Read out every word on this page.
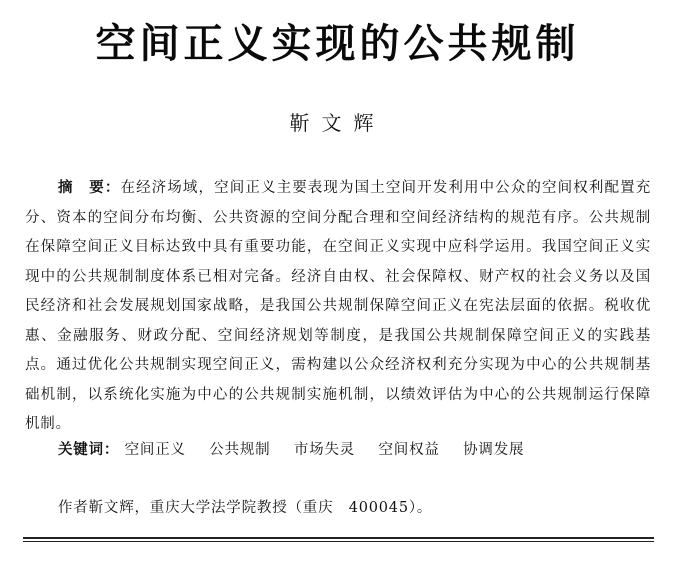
空间正义实现的公共规制
靳文辉
摘　要：在经济场域，空间正义主要表现为国土空间开发利用中公众的空间权利配置充分、资本的空间分布均衡、公共资源的空间分配合理和空间经济结构的规范有序。公共规制在保障空间正义目标达致中具有重要功能，在空间正义实现中应科学运用。我国空间正义实现中的公共规制制度体系已相对完备。经济自由权、社会保障权、财产权的社会义务以及国民经济和社会发展规划国家战略，是我国公共规制保障空间正义在宪法层面的依据。税收优惠、金融服务、财政分配、空间经济规划等制度，是我国公共规制保障空间正义的实践基点。通过优化公共规制实现空间正义，需构建以公众经济权利充分实现为中心的公共规制基础机制，以系统化实施为中心的公共规制实施机制，以绩效评估为中心的公共规制运行保障机制。
关键词： 空间正义 公共规制 市场失灵 空间权益 协调发展
作者靳文辉，重庆大学法学院教授（重庆　400045）。
